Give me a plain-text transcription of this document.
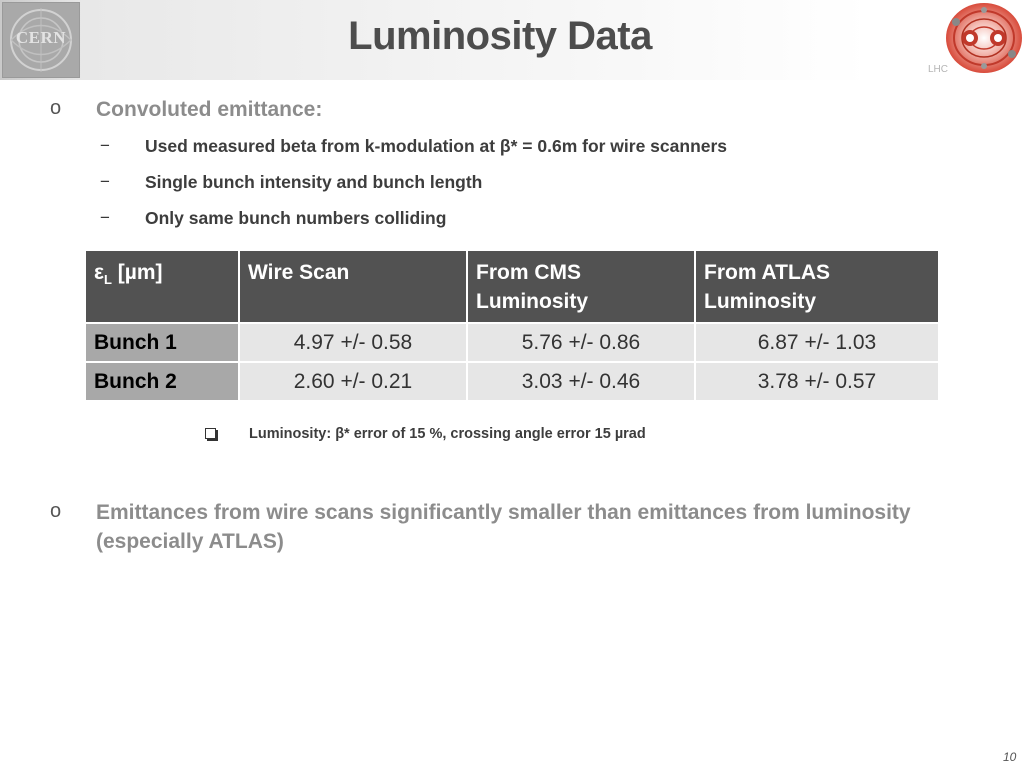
CERN	Luminosity Data
LHC
o Convoluted emittance:
− Used measured beta from k-modulation at β* = 0.6m for wire scanners
− Single bunch intensity and bunch length
− Only same bunch numbers colliding
$\varepsilon_L$ [µm]	Wire Scan	From CMS Luminosity	From ATLAS Luminosity
Bunch 1	4.97 +/- 0.58	5.76 +/- 0.86	6.87 +/- 1.03
Bunch 2	2.60 +/- 0.21	3.03 +/- 0.46	3.78 +/- 0.57
Luminosity: β* error of 15 %, crossing angle error 15 µrad
o Emittances from wire scans significantly smaller than emittances from luminosity (especially ATLAS)
10
